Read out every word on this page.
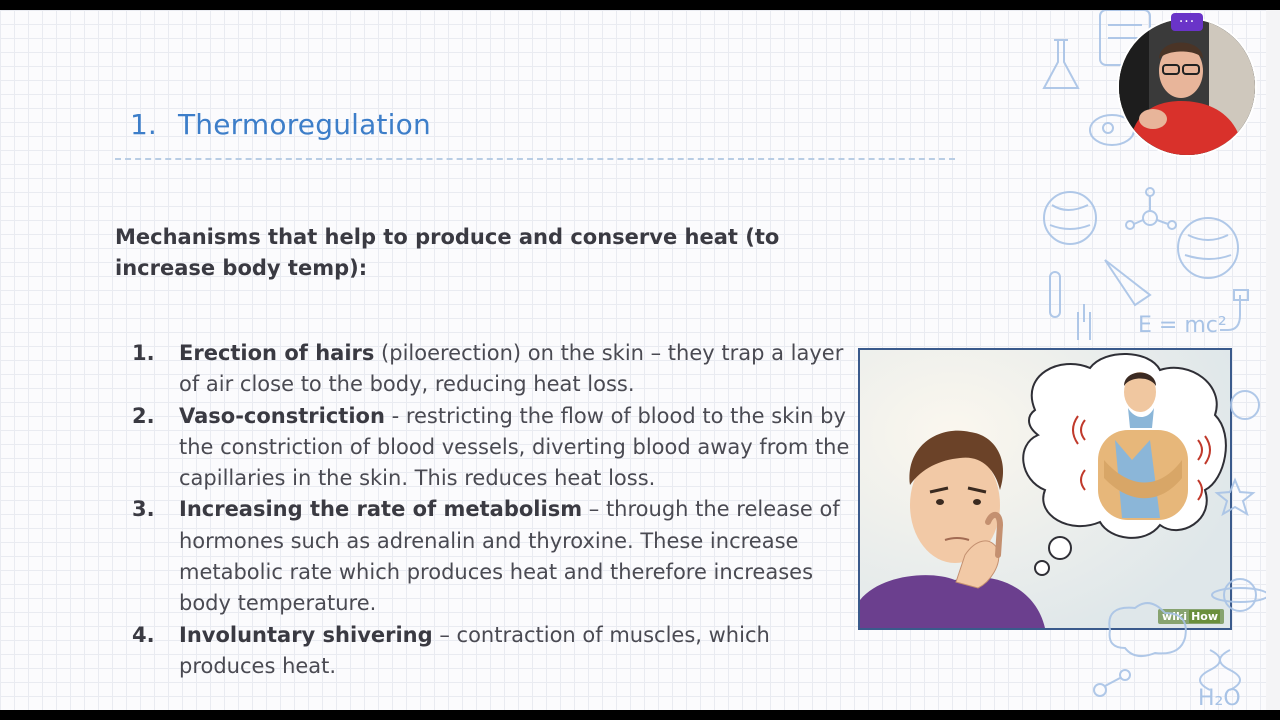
1. Thermoregulation
Mechanisms that help to produce and conserve heat (to increase body temp):
1. Erection of hairs (piloerection) on the skin – they trap a layer of air close to the body, reducing heat loss.
2. Vaso-constriction - restricting the flow of blood to the skin by the constriction of blood vessels, diverting blood away from the capillaries in the skin. This reduces heat loss.
3. Increasing the rate of metabolism – through the release of hormones such as adrenalin and thyroxine. These increase metabolic rate which produces heat and therefore increases body temperature.
4. Involuntary shivering – contraction of muscles, which produces heat.
wiki How
E = mc²
H₂O
···
